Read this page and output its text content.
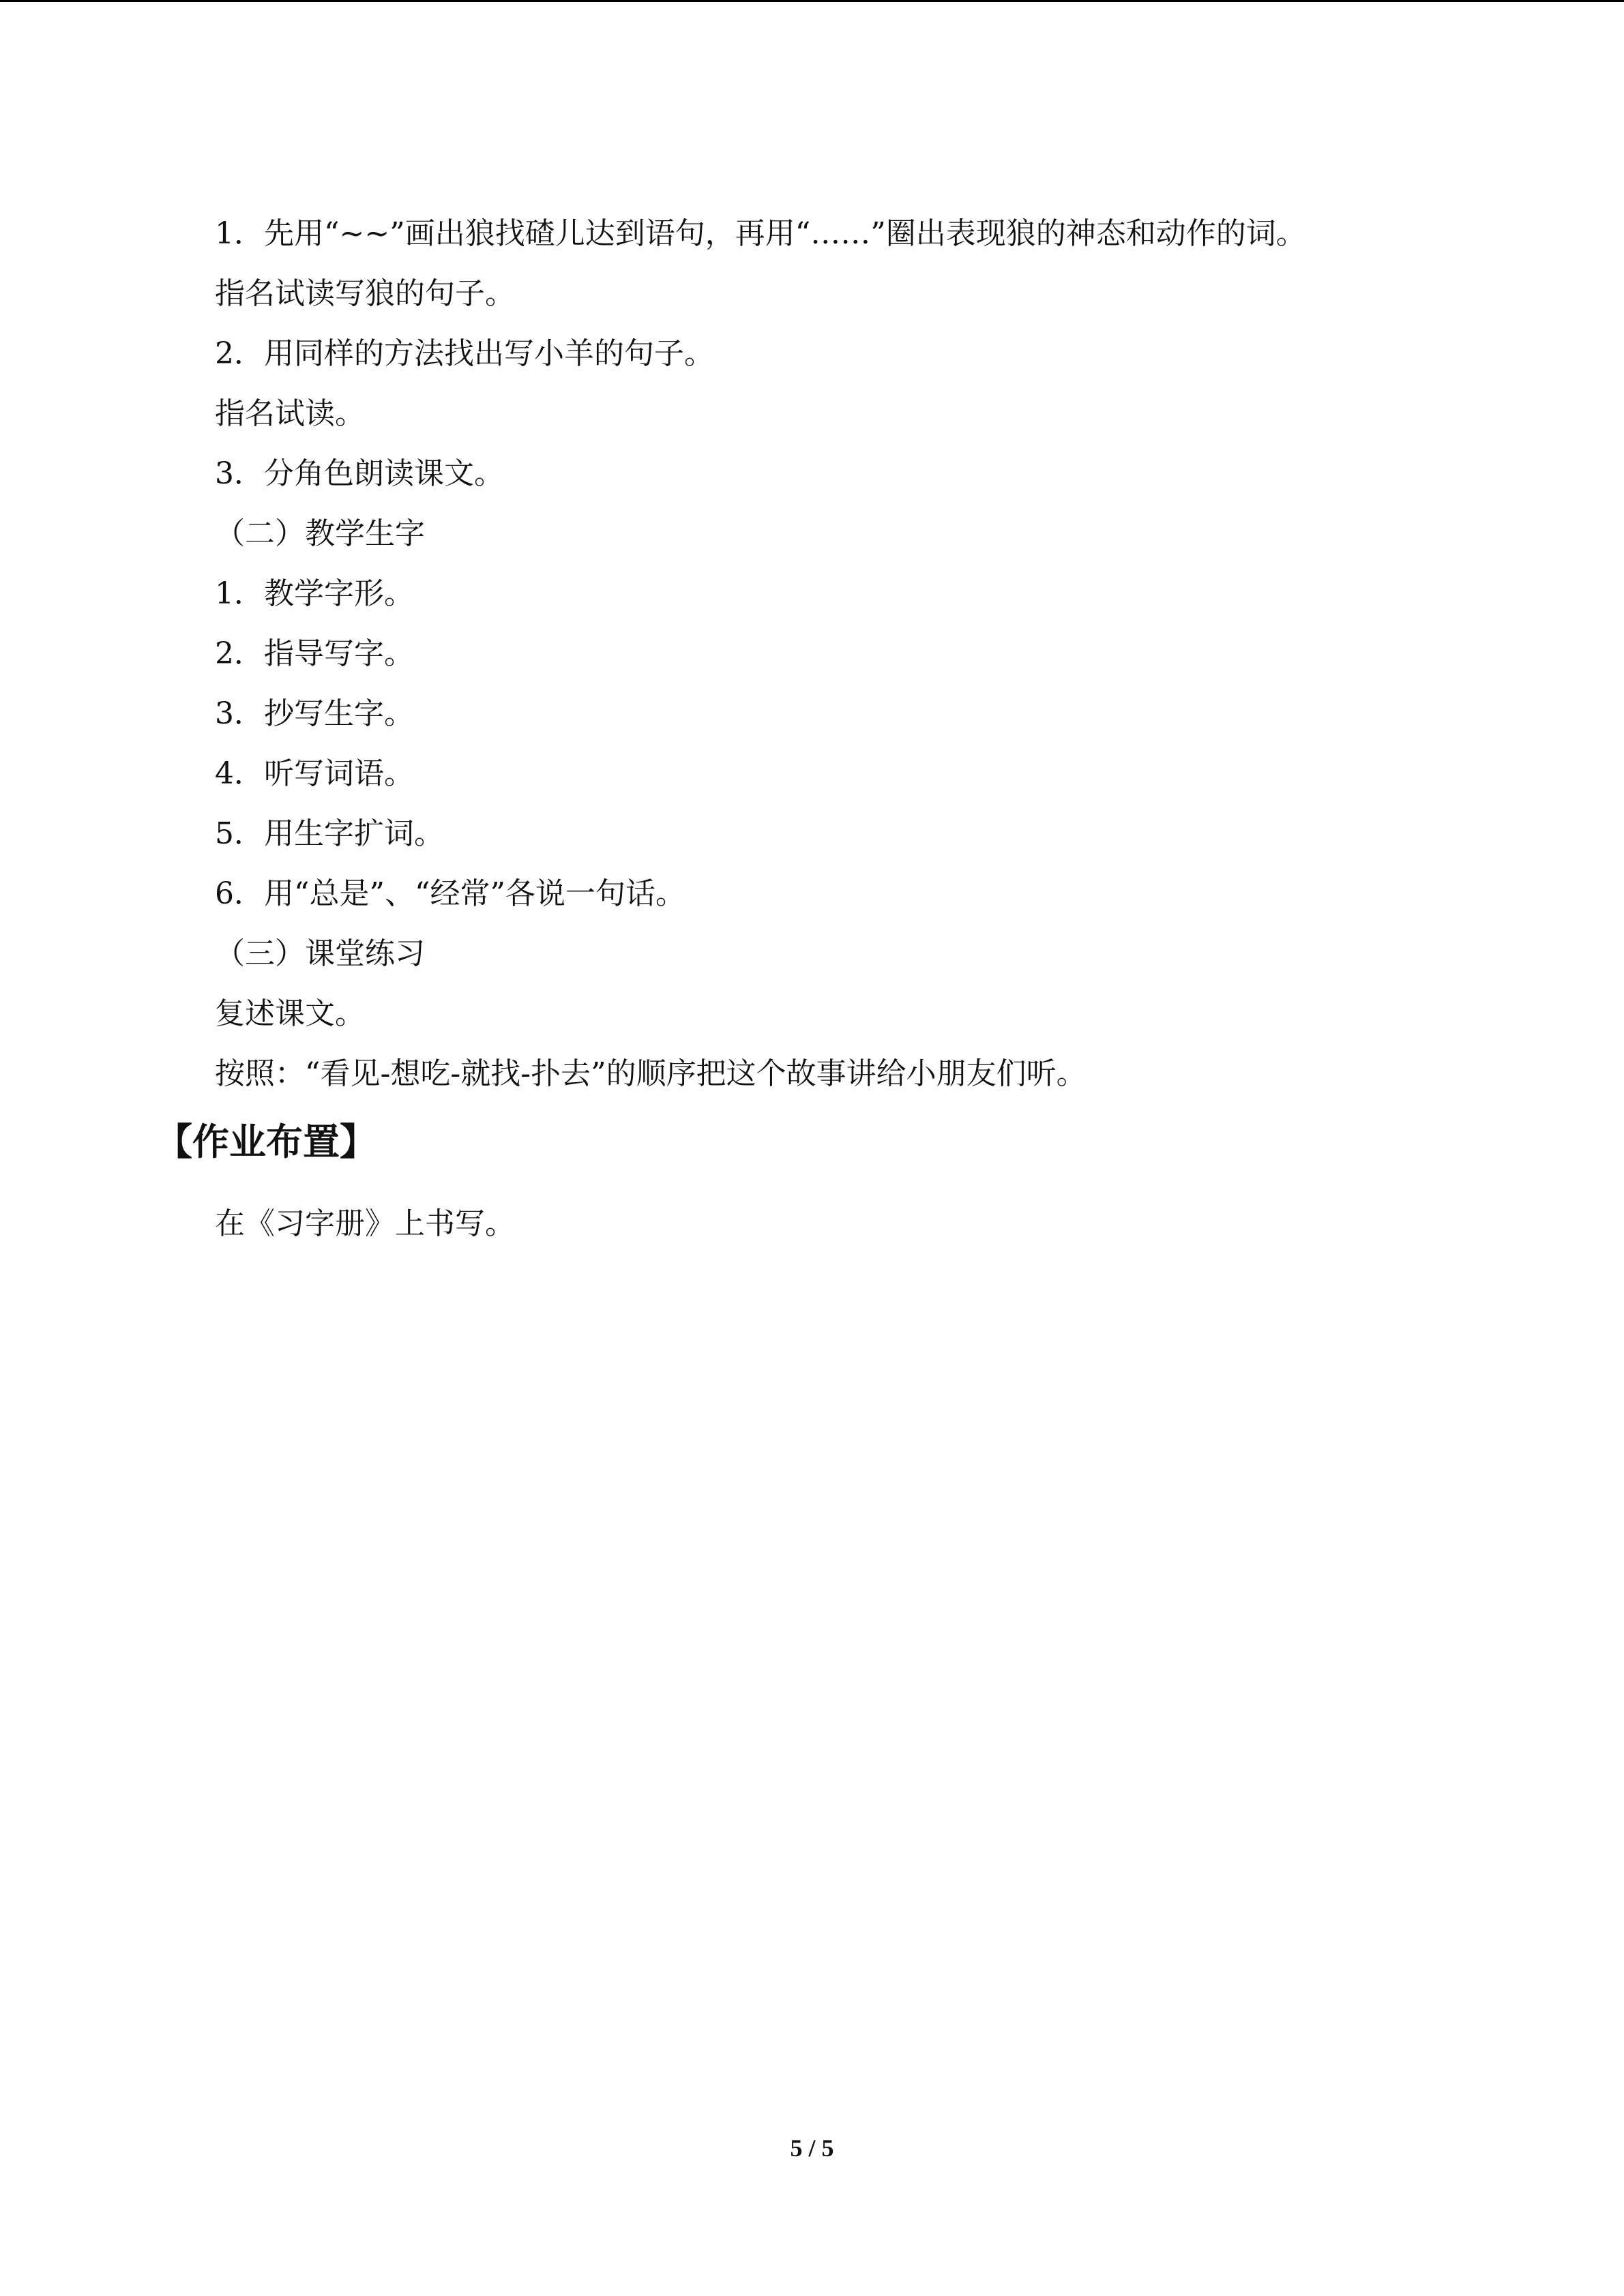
1．先用“~~”画出狼找碴儿达到语句，再用“……”圈出表现狼的神态和动作的词。
指名试读写狼的句子。
2．用同样的方法找出写小羊的句子。
指名试读。
3．分角色朗读课文。
（二）教学生字
1．教学字形。
2．指导写字。
3．抄写生字。
4．听写词语。
5．用生字扩词。
6．用“总是”、“经常”各说一句话。
（三）课堂练习
复述课文。
按照：“看见-想吃-就找-扑去”的顺序把这个故事讲给小朋友们听。
【作业布置】
在《习字册》上书写。
5 / 5
